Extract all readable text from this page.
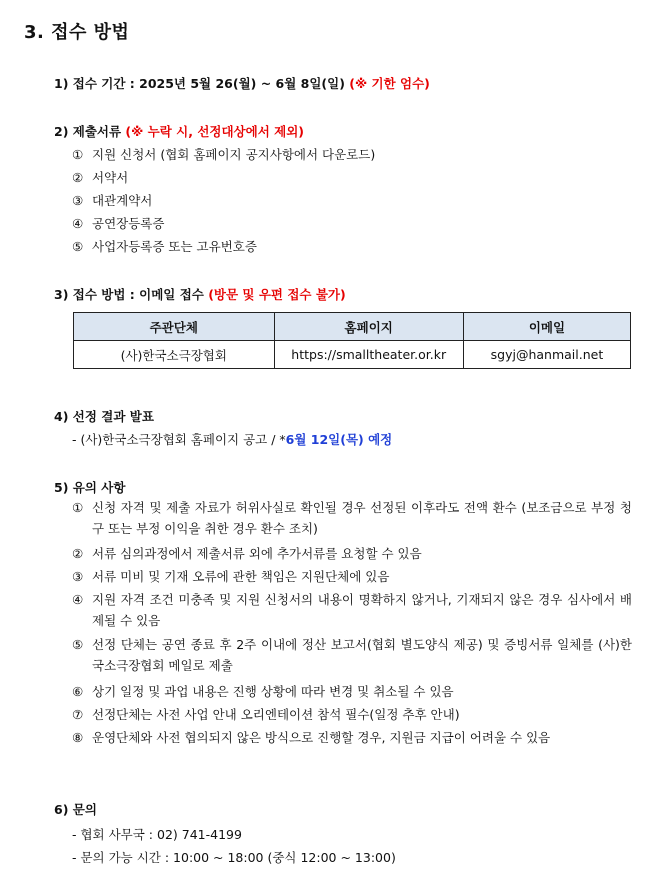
3. 접수 방법
1) 접수 기간 : 2025년 5월 26(월) ~ 6월 8일(일) (※ 기한 엄수)
2) 제출서류 (※ 누락 시, 선정대상에서 제외)
① 지원 신청서 (협회 홈페이지 공지사항에서 다운로드)
② 서약서
③ 대관계약서
④ 공연장등록증
⑤ 사업자등록증 또는 고유번호증
3) 접수 방법 : 이메일 접수 (방문 및 우편 접수 불가)
주관단체	홈페이지	이메일
(사)한국소극장협회	https://smalltheater.or.kr	sgyj@hanmail.net
4) 선정 결과 발표
- (사)한국소극장협회 홈페이지 공고 / *6월 12일(목) 예정
5) 유의 사항
① 신청 자격 및 제출 자료가 허위사실로 확인될 경우 선정된 이후라도 전액 환수 (보조금으로 부정 청구 또는 부정 이익을 취한 경우 환수 조치)
② 서류 심의과정에서 제출서류 외에 추가서류를 요청할 수 있음
③ 서류 미비 및 기재 오류에 관한 책임은 지원단체에 있음
④ 지원 자격 조건 미충족 및 지원 신청서의 내용이 명확하지 않거나, 기재되지 않은 경우 심사에서 배제될 수 있음
⑤ 선정 단체는 공연 종료 후 2주 이내에 정산 보고서(협회 별도양식 제공) 및 증빙서류 일체를 (사)한국소극장협회 메일로 제출
⑥ 상기 일정 및 과업 내용은 진행 상황에 따라 변경 및 취소될 수 있음
⑦ 선정단체는 사전 사업 안내 오리엔테이션 참석 필수(일정 추후 안내)
⑧ 운영단체와 사전 협의되지 않은 방식으로 진행할 경우, 지원금 지급이 어려울 수 있음
6) 문의
- 협회 사무국 : 02) 741-4199
- 문의 가능 시간 : 10:00 ~ 18:00 (중식 12:00 ~ 13:00)
